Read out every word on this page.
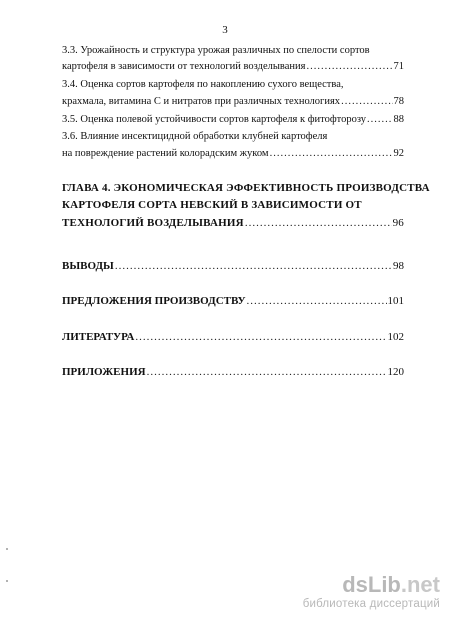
3
3.3. Урожайность и структура урожая различных по спелости сортов
картофеля в зависимости от технологий возделывания .....	71
3.4. Оценка сортов картофеля по накоплению сухого вещества,
крахмала, витамина С и нитратов при различных технологиях .....	78
3.5. Оценка полевой устойчивости сортов картофеля к фитофторозу .....	88
3.6. Влияние инсектицидной обработки клубней картофеля
на повреждение растений колорадским жуком .....	92
ГЛАВА 4. ЭКОНОМИЧЕСКАЯ ЭФФЕКТИВНОСТЬ ПРОИЗВОДСТВА
КАРТОФЕЛЯ СОРТА НЕВСКИЙ В ЗАВИСИМОСТИ ОТ
ТЕХНОЛОГИЙ ВОЗДЕЛЫВАНИЯ .....	96
ВЫВОДЫ .....	98
ПРЕДЛОЖЕНИЯ ПРОИЗВОДСТВУ .....	101
ЛИТЕРАТУРА .....	102
ПРИЛОЖЕНИЯ .....	120
dsLib.net
библиотека диссертаций
